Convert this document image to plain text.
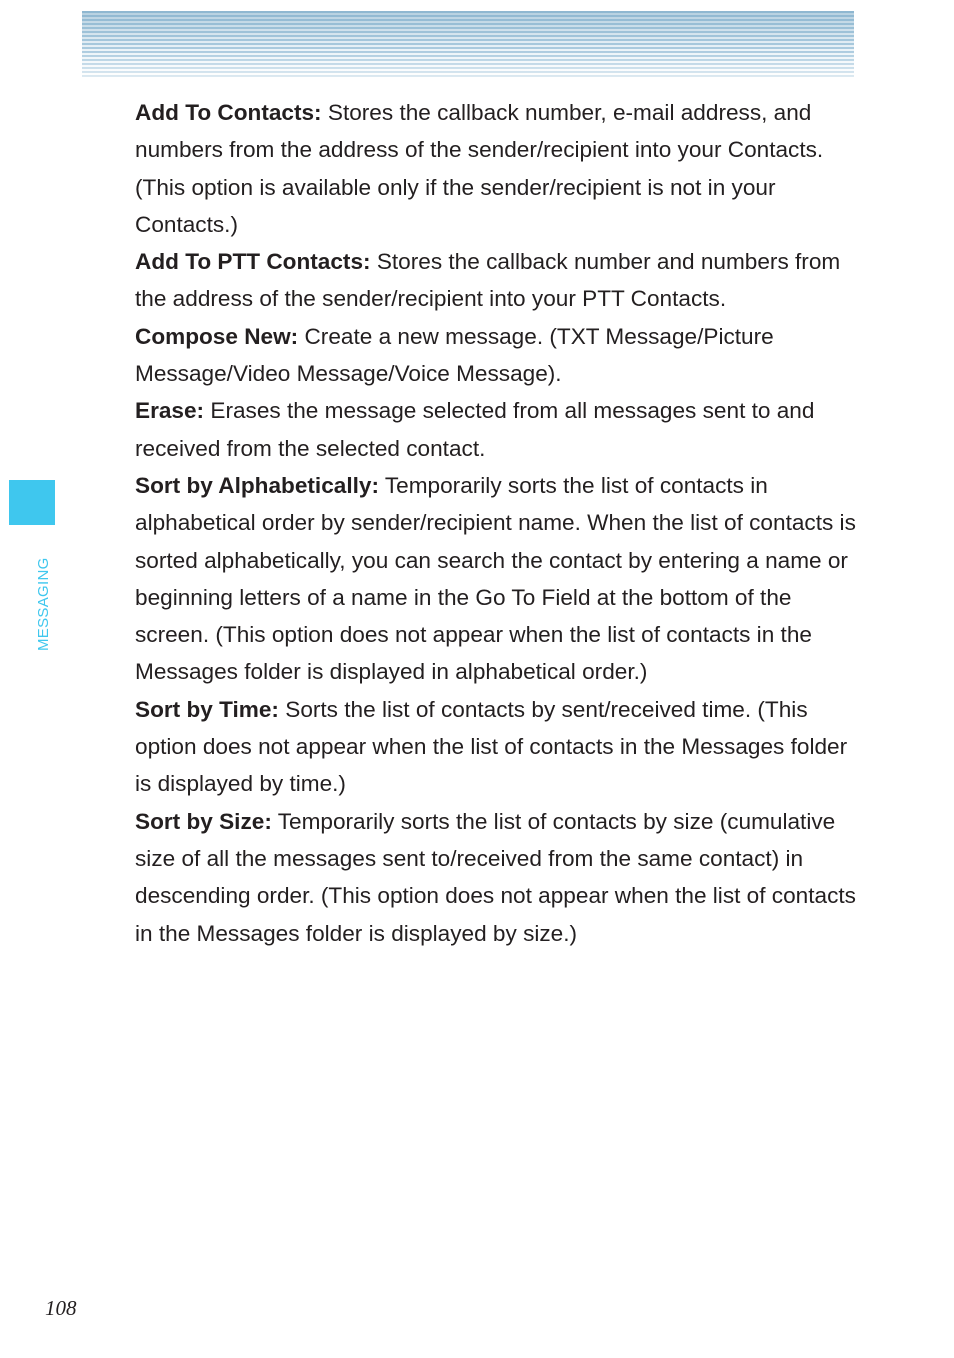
MESSAGING

Add To Contacts: Stores the callback number, e-mail address, and numbers from the address of the sender/recipient into your Contacts. (This option is available only if the sender/recipient is not in your Contacts.)

Add To PTT Contacts: Stores the callback number and numbers from the address of the sender/recipient into your PTT Contacts.

Compose New: Create a new message. (TXT Message/Picture Message/Video Message/Voice Message).

Erase: Erases the message selected from all messages sent to and received from the selected contact.

Sort by Alphabetically: Temporarily sorts the list of contacts in alphabetical order by sender/recipient name. When the list of contacts is sorted alphabetically, you can search the contact by entering a name or beginning letters of a name in the Go To Field at the bottom of the screen. (This option does not appear when the list of contacts in the Messages folder is displayed in alphabetical order.)

Sort by Time: Sorts the list of contacts by sent/received time. (This option does not appear when the list of contacts in the Messages folder is displayed by time.)

Sort by Size: Temporarily sorts the list of contacts by size (cumulative size of all the messages sent to/received from the same contact) in descending order. (This option does not appear when the list of contacts in the Messages folder is displayed by size.)

108
